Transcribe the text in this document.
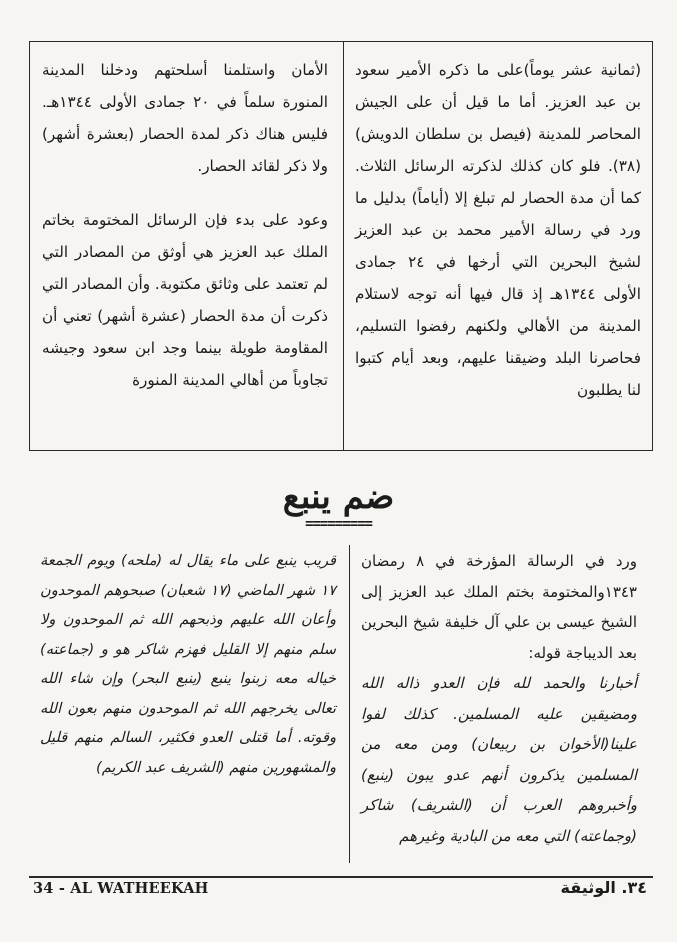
(ثمانية عشر يوماً)على ما ذكره الأمير سعود بن عبد العزيز. أما ما قيل أن على الجيش المحاصر للمدينة (فيصل بن سلطان الدويش)(٣٨). فلو كان كذلك لذكرته الرسائل الثلاث. كما أن مدة الحصار لم تبلغ إلا (أياماً) بدليل ما ورد في رسالة الأمير محمد بن عبد العزيز لشيخ البحرين التي أرخها في ٢٤ جمادى الأولى ١٣٤٤هـ إذ قال فيها أنه توجه لاستلام المدينة من الأهالي ولكنهم رفضوا التسليم، فحاصرنا البلد وضيقنا عليهم، وبعد أيام كتبوا لنا يطلبون

الأمان واستلمنا أسلحتهم ودخلنا المدينة المنورة سلماً في ٢٠ جمادى الأولى ١٣٤٤هـ. فليس هناك ذكر لمدة الحصار (بعشرة أشهر) ولا ذكر لقائد الحصار.

وعود على بدء فإن الرسائل المختومة بخاتم الملك عبد العزيز هي أوثق من المصادر التي لم تعتمد على وثائق مكتوبة. وأن المصادر التي ذكرت أن مدة الحصار (عشرة أشهر) تعني أن المقاومة طويلة بينما وجد ابن سعود وجيشه تجاوباً من أهالي المدينة المنورة

ضم ينبع
=========

ورد في الرسالة المؤرخة في ٨ رمضان ١٣٤٣والمختومة بختم الملك عبد العزيز إلى الشيخ عيسى بن علي آل خليفة شيخ البحرين بعد الديباجة قوله:

أخبارنا والحمد لله فإن العدو ذاله الله ومضيقين عليه المسلمين. كذلك لفوا علينا(الأخوان بن ربيعان) ومن معه من المسلمين يذكرون أنهم عدو يبون (ينبع) وأخبروهم العرب أن (الشريف) شاكر (وجماعته) التي معه من البادية وغيرهم

قريب ينبع على ماء يقال له (ملحه) ويوم الجمعة ١٧ شهر الماضي (١٧ شعبان) صبحوهم الموحدون وأعان الله عليهم وذبحهم الله ثم الموحدون ولا سلم منهم إلا القليل فهزم شاكر هو و (جماعته) خياله معه زبنوا ينبع (ينبع البحر) وإن شاء الله تعالى يخرجهم الله ثم الموحدون منهم بعون الله وقوته. أما قتلى العدو فكثير، السالم منهم قليل والمشهورين منهم (الشريف عبد الكريم)

34 - AL WATHEEKAH	٣٤. الوثيقة
